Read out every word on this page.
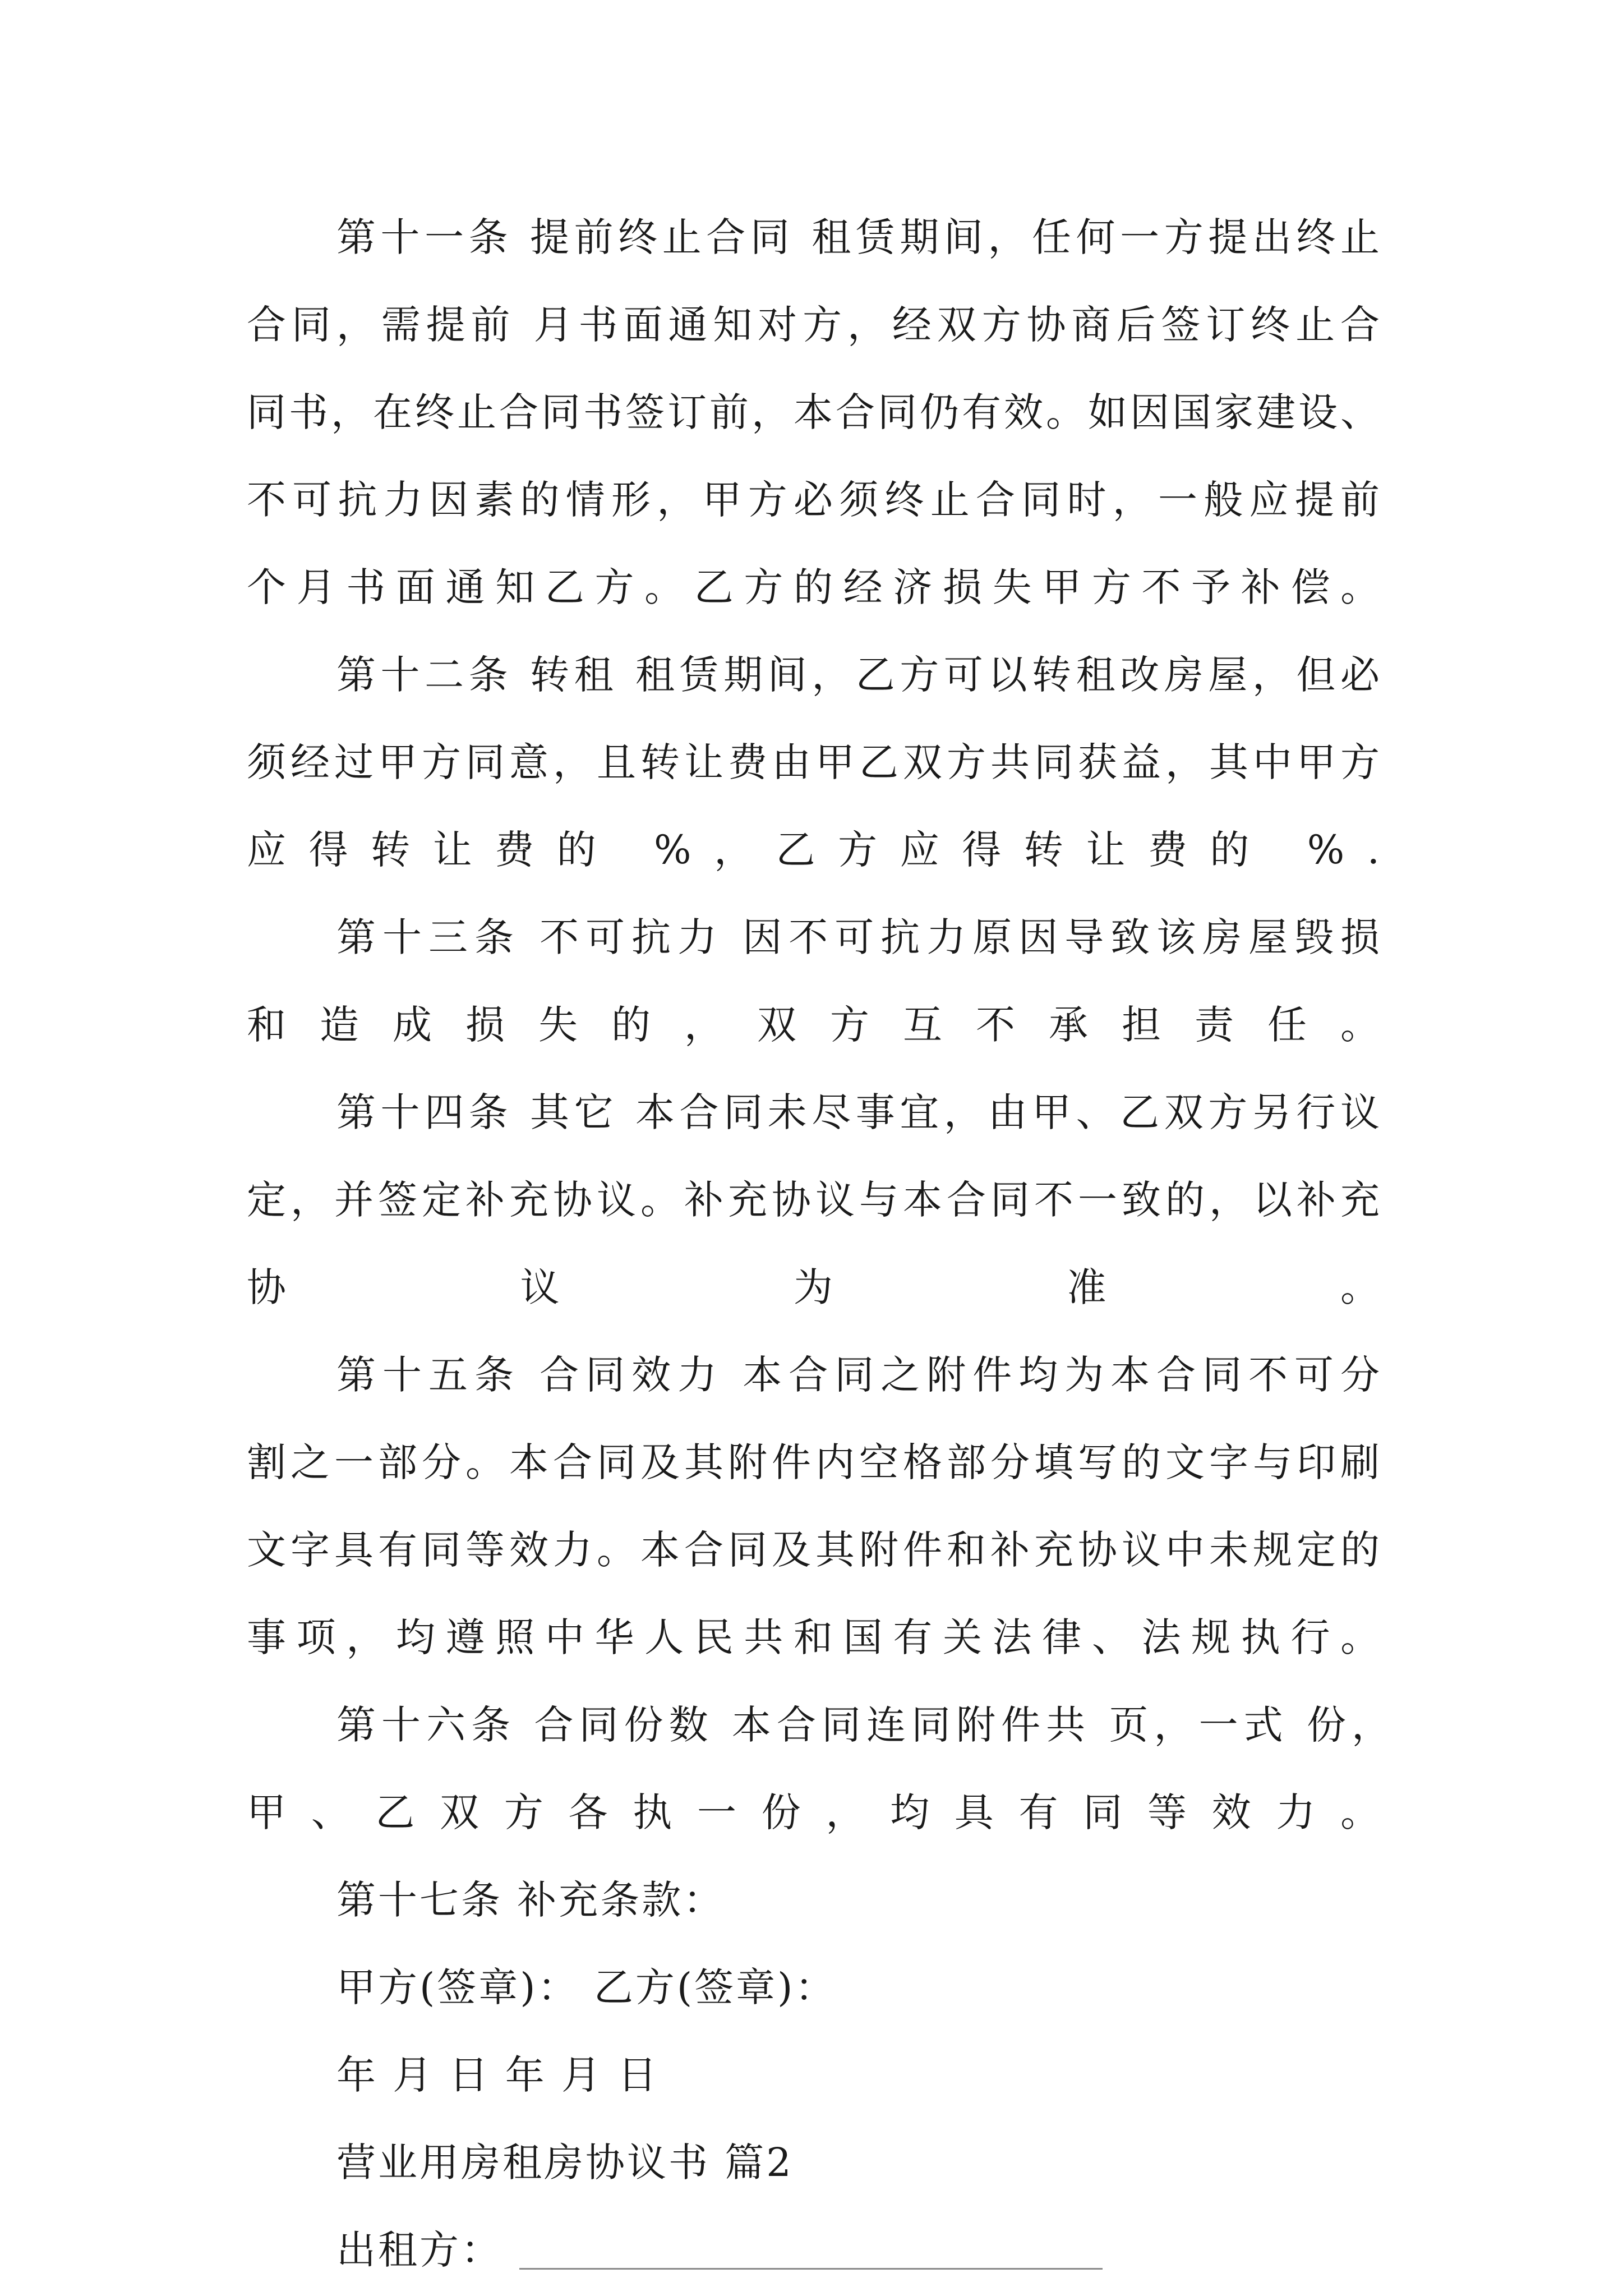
第十一条 提前终止合同 租赁期间，任何一方提出终止
合同，需提前 月书面通知对方，经双方协商后签订终止合
同书，在终止合同书签订前，本合同仍有效。如因国家建设、
不可抗力因素的情形，甲方必须终止合同时，一般应提前
个月书面通知乙方。乙方的经济损失甲方不予补偿。
第十二条 转租 租赁期间，乙方可以转租改房屋，但必
须经过甲方同意，且转让费由甲乙双方共同获益，其中甲方
应得转让费的 %，乙方应得转让费的 %.
第十三条 不可抗力 因不可抗力原因导致该房屋毁损
和造成损失的，双方互不承担责任。
第十四条 其它 本合同未尽事宜，由甲、乙双方另行议
定，并签定补充协议。补充协议与本合同不一致的，以补充
协议为准。
第十五条 合同效力 本合同之附件均为本合同不可分
割之一部分。本合同及其附件内空格部分填写的文字与印刷
文字具有同等效力。本合同及其附件和补充协议中未规定的
事项，均遵照中华人民共和国有关法律、法规执行。
第十六条 合同份数 本合同连同附件共 页，一式 份，
甲、乙双方各执一份，均具有同等效力。
第十七条 补充条款：
甲方(签章)： 乙方(签章)：
年 月 日 年 月 日
营业用房租房协议书 篇2
出租方：
